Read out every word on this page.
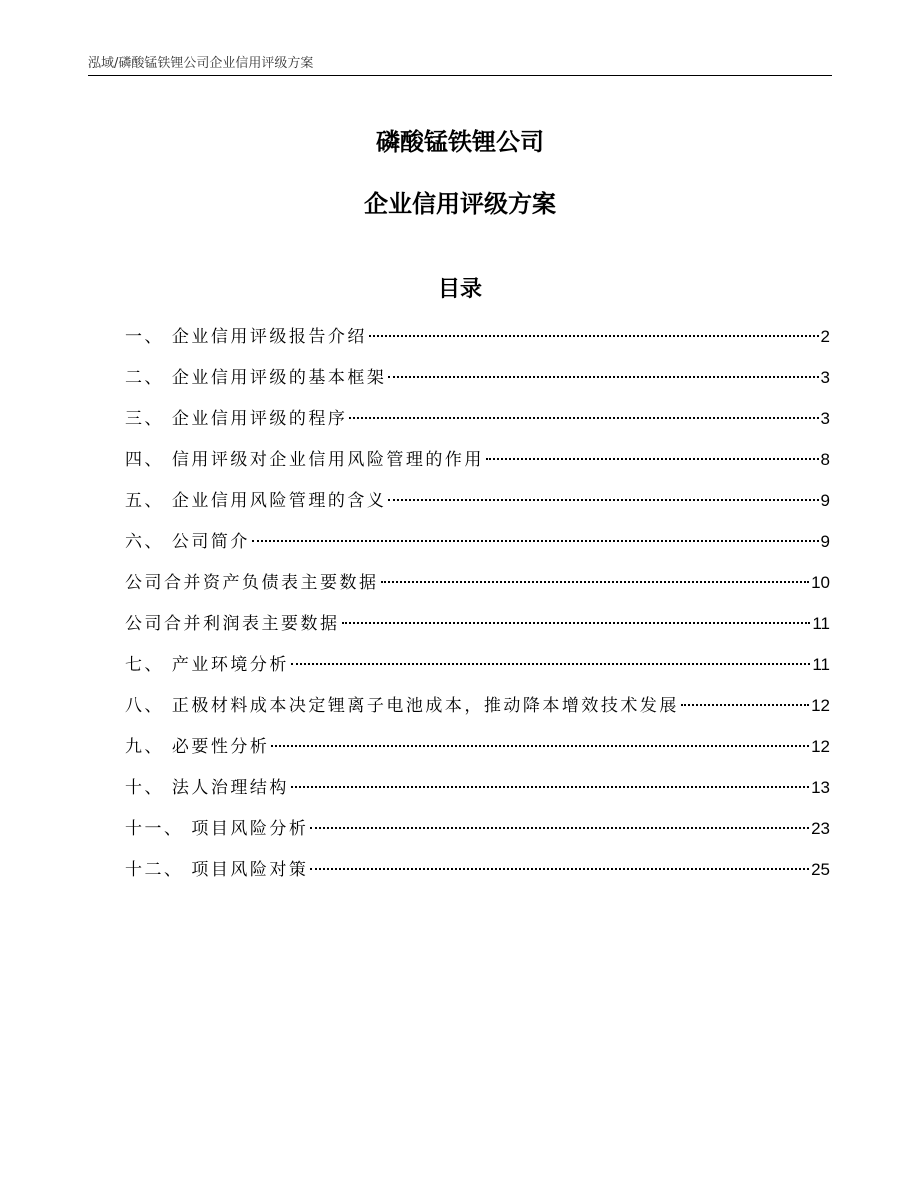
泓域/磷酸锰铁锂公司企业信用评级方案
磷酸锰铁锂公司
企业信用评级方案
目录
一、 企业信用评级报告介绍	2
二、 企业信用评级的基本框架	3
三、 企业信用评级的程序	3
四、 信用评级对企业信用风险管理的作用	8
五、 企业信用风险管理的含义	9
六、 公司简介	9
公司合并资产负债表主要数据	10
公司合并利润表主要数据	11
七、 产业环境分析	11
八、 正极材料成本决定锂离子电池成本，推动降本增效技术发展	12
九、 必要性分析	12
十、 法人治理结构	13
十一、 项目风险分析	23
十二、 项目风险对策	25
